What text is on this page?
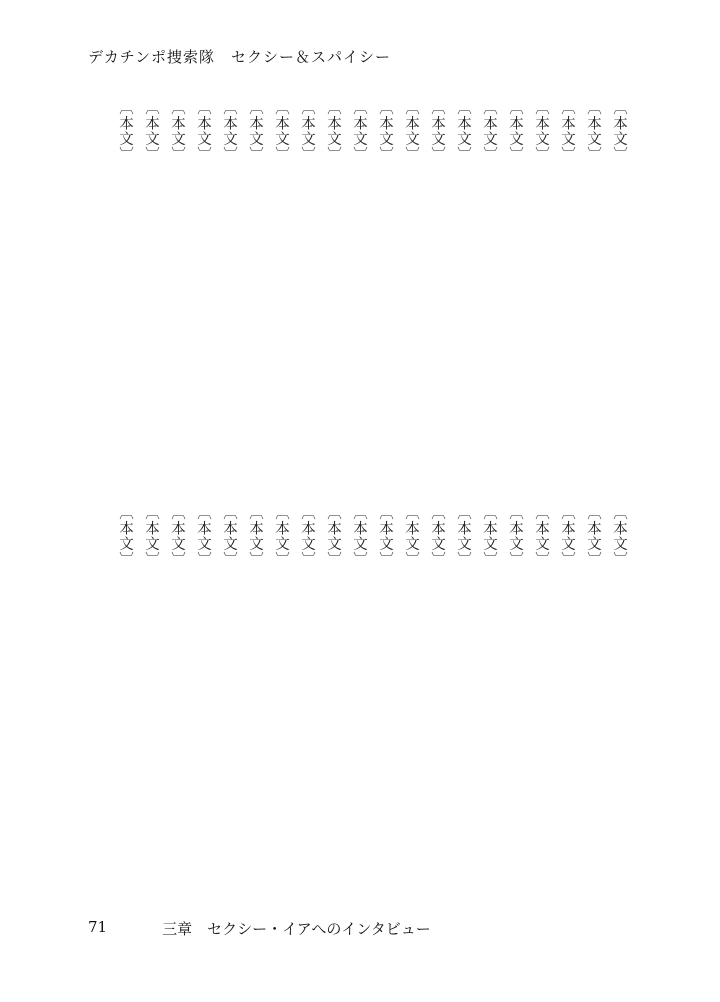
デカチンポ捜索隊　セクシー＆スパイシー
〔本文〕
〔本文〕
〔本文〕
〔本文〕
〔本文〕
〔本文〕
〔本文〕
〔本文〕
〔本文〕
〔本文〕
〔本文〕
〔本文〕
〔本文〕
〔本文〕
〔本文〕
〔本文〕
〔本文〕
〔本文〕
〔本文〕
〔本文〕
〔本文〕
〔本文〕
〔本文〕
〔本文〕
〔本文〕
〔本文〕
〔本文〕
〔本文〕
〔本文〕
〔本文〕
〔本文〕
〔本文〕
〔本文〕
〔本文〕
〔本文〕
〔本文〕
〔本文〕
〔本文〕
〔本文〕
〔本文〕
71	三章　セクシー・イアへのインタビュー
